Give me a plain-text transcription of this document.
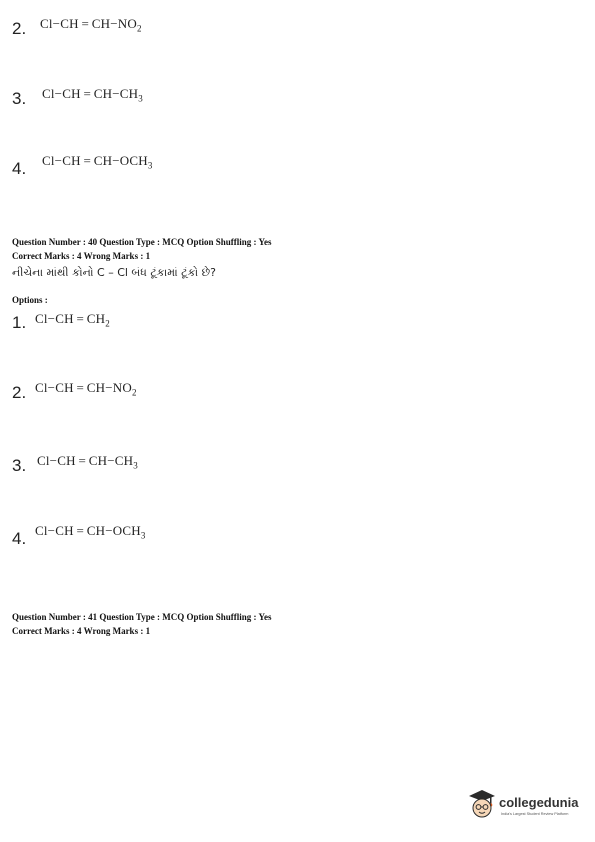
2. $Cl-CH = CH-NO_2$
3. $Cl-CH = CH-CH_3$
4. $Cl-CH = CH-OCH_3$
Question Number : 40 Question Type : MCQ Option Shuffling : Yes
Correct Marks : 4 Wrong Marks : 1
નીચેના માંથી કોનો C – Cl બંધ ટૂંકામાં ટૂંકો છે?
Options :
1. $Cl-CH = CH_2$
2. $Cl-CH = CH-NO_2$
3. $Cl-CH = CH-CH_3$
4. $Cl-CH = CH-OCH_3$
Question Number : 41 Question Type : MCQ Option Shuffling : Yes
Correct Marks : 4 Wrong Marks : 1
collegedunia
India's Largest Student Review Platform
